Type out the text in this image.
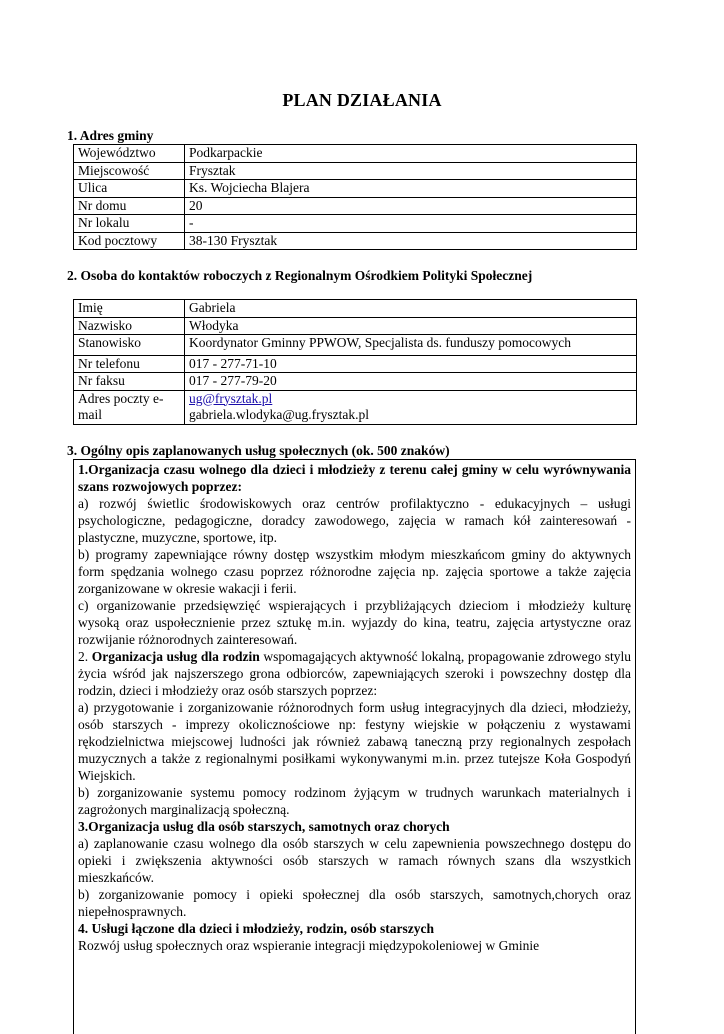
PLAN DZIAŁANIA
1. Adres gminy
Województwo	Podkarpackie
Miejscowość	Frysztak
Ulica	Ks. Wojciecha Blajera
Nr domu	20
Nr lokalu	-
Kod pocztowy	38-130 Frysztak
2. Osoba do kontaktów roboczych z Regionalnym Ośrodkiem Polityki Społecznej
Imię	Gabriela
Nazwisko	Włodyka
Stanowisko	Koordynator Gminny PPWOW, Specjalista ds. funduszy pomocowych
Nr telefonu	017 - 277-71-10
Nr faksu	017 - 277-79-20
Adres poczty e-mail	ug@frysztak.pl
gabriela.wlodyka@ug.frysztak.pl
3. Ogólny opis zaplanowanych usług społecznych (ok. 500 znaków)

1.Organizacja czasu wolnego dla dzieci i młodzieży z terenu całej gminy w celu wyrównywania szans rozwojowych poprzez:

a) rozwój świetlic środowiskowych oraz centrów profilaktyczno - edukacyjnych – usługi psychologiczne, pedagogiczne, doradcy zawodowego, zajęcia w ramach kół zainteresowań -plastyczne, muzyczne, sportowe, itp.

b) programy zapewniające równy dostęp wszystkim młodym mieszkańcom gminy do aktywnych form spędzania wolnego czasu poprzez różnorodne zajęcia np. zajęcia sportowe a także zajęcia zorganizowane w okresie wakacji i ferii.

c) organizowanie przedsięwzięć wspierających i przybliżających dzieciom i młodzieży kulturę wysoką oraz uspołecznienie przez sztukę m.in. wyjazdy do kina, teatru, zajęcia artystyczne oraz rozwijanie różnorodnych zainteresowań.

2. Organizacja usług dla rodzin wspomagających aktywność lokalną, propagowanie zdrowego stylu życia wśród jak najszerszego grona odbiorców, zapewniających szeroki i powszechny dostęp dla rodzin, dzieci i młodzieży oraz osób starszych poprzez:

a) przygotowanie i zorganizowanie różnorodnych form usług integracyjnych dla dzieci, młodzieży, osób starszych - imprezy okolicznościowe np: festyny wiejskie w połączeniu z wystawami rękodzielnictwa miejscowej ludności jak również zabawą taneczną przy regionalnych zespołach muzycznych a także z regionalnymi posiłkami wykonywanymi m.in. przez tutejsze Koła Gospodyń Wiejskich.

b) zorganizowanie systemu pomocy rodzinom żyjącym w trudnych warunkach materialnych i zagrożonych marginalizacją społeczną.

3.Organizacja usług dla osób starszych, samotnych oraz chorych

a) zaplanowanie czasu wolnego dla osób starszych w celu zapewnienia powszechnego dostępu do opieki i zwiększenia aktywności osób starszych w ramach równych szans dla wszystkich mieszkańców.

b) zorganizowanie pomocy i opieki społecznej dla osób starszych, samotnych,chorych oraz niepełnosprawnych.

4. Usługi łączone dla dzieci i młodzieży, rodzin, osób starszych

Rozwój usług społecznych oraz wspieranie integracji międzypokoleniowej w Gminie
